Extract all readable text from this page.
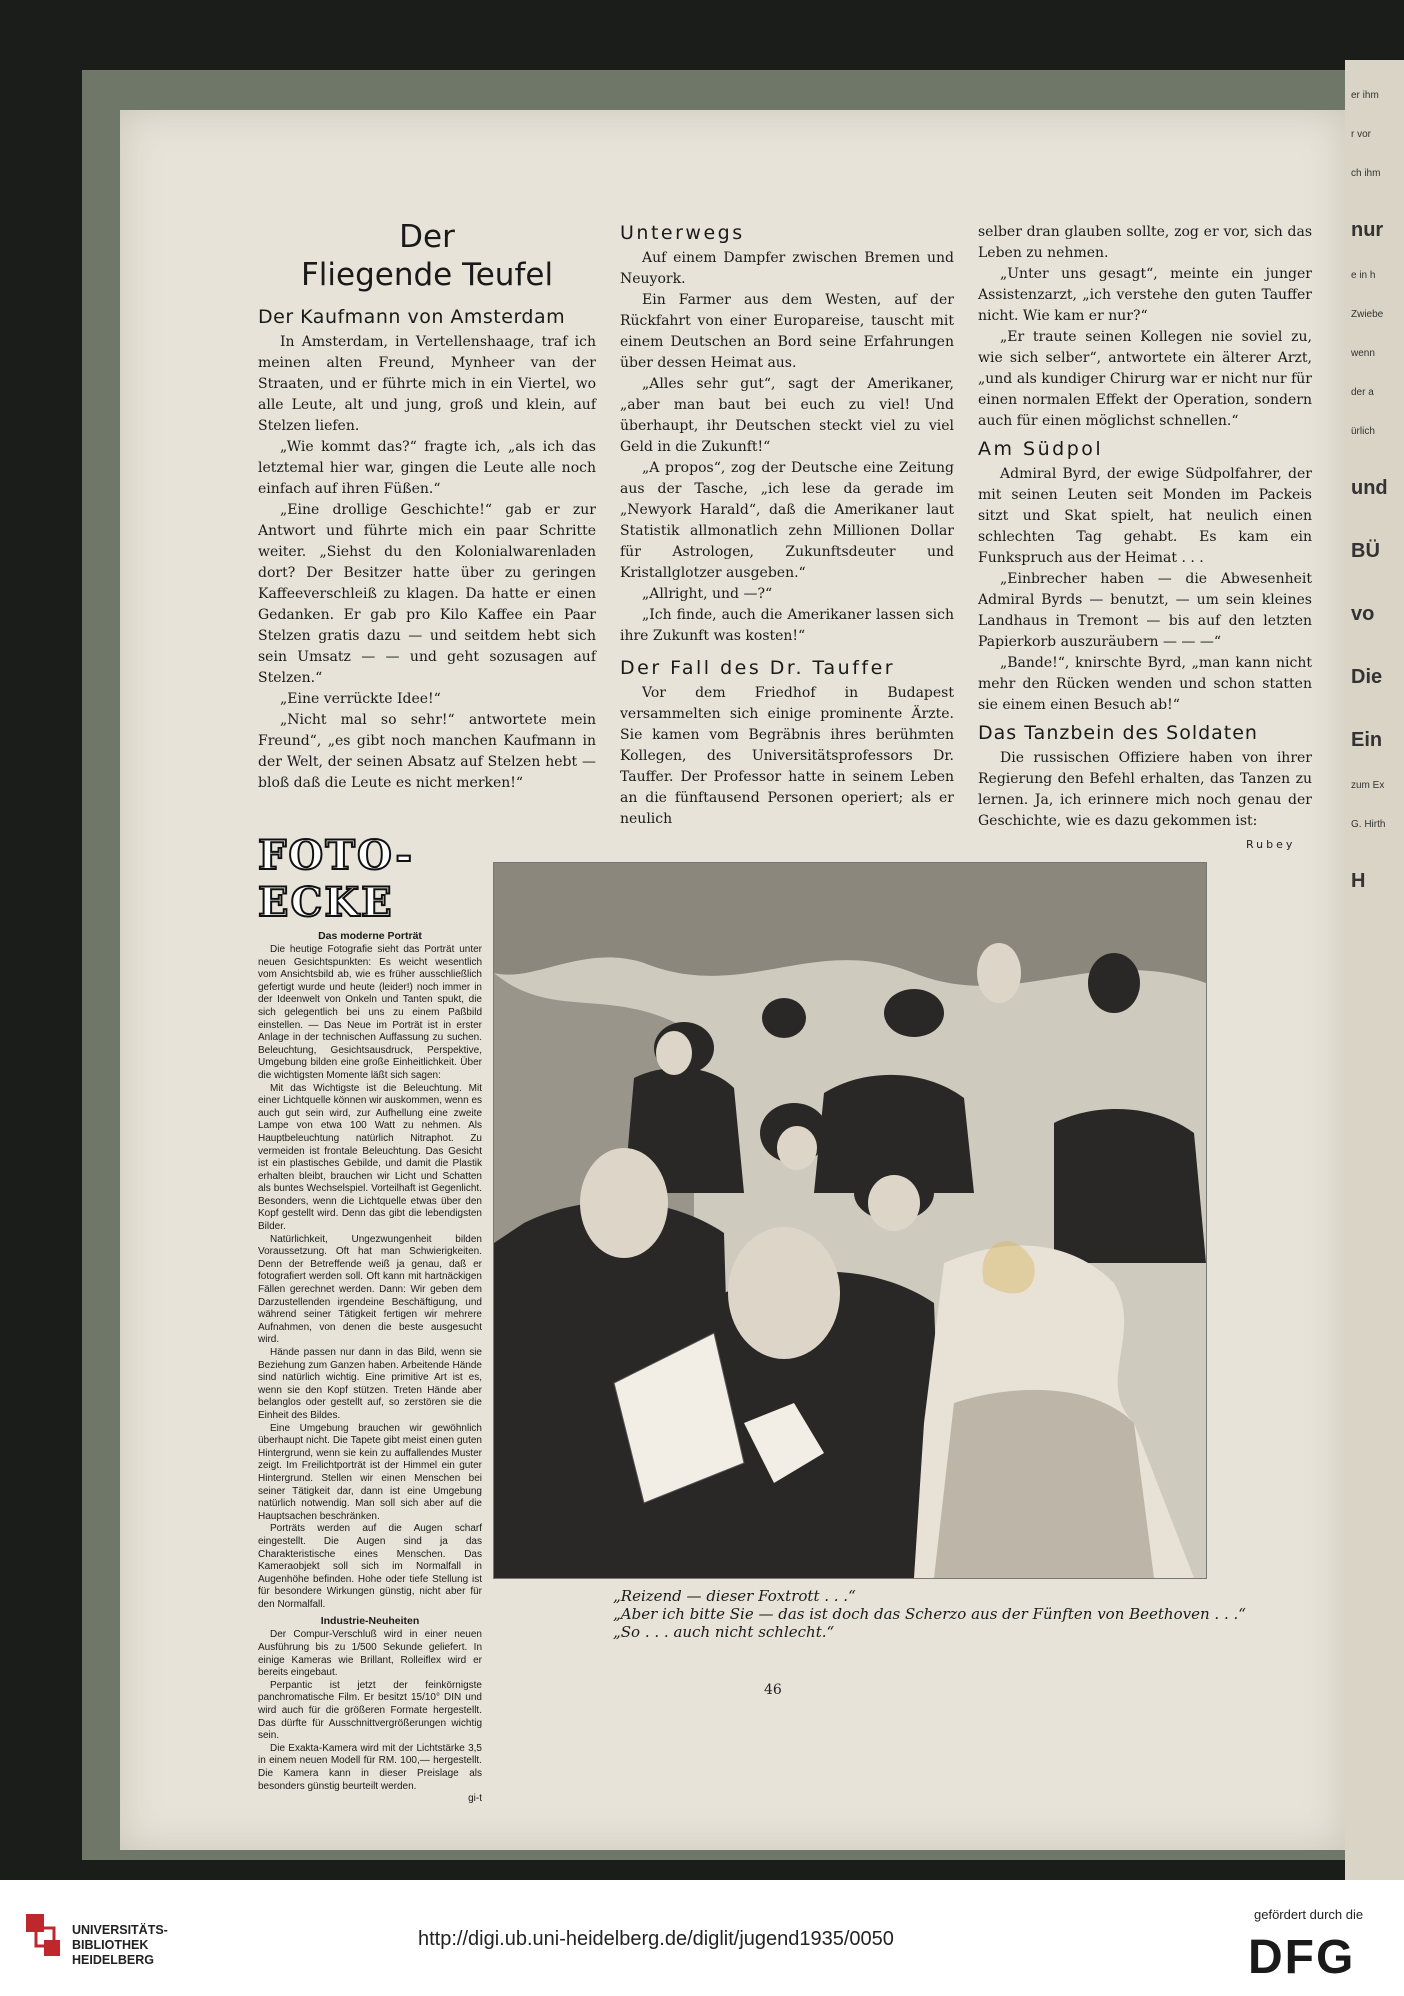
Der
Fliegende Teufel
Der Kaufmann von Amsterdam

In Amsterdam, in Vertellenshaage, traf ich meinen alten Freund, Mynheer van der Straaten, und er führte mich in ein Viertel, wo alle Leute, alt und jung, groß und klein, auf Stelzen liefen.

„Wie kommt das?“ fragte ich, „als ich das letztemal hier war, gingen die Leute alle noch einfach auf ihren Füßen.“

„Eine drollige Geschichte!“ gab er zur Antwort und führte mich ein paar Schritte weiter. „Siehst du den Kolonialwarenladen dort? Der Besitzer hatte über zu geringen Kaffeeverschleiß zu klagen. Da hatte er einen Gedanken. Er gab pro Kilo Kaffee ein Paar Stelzen gratis dazu — und seitdem hebt sich sein Umsatz — — und geht sozusagen auf Stelzen.“

„Eine verrückte Idee!“

„Nicht mal so sehr!“ antwortete mein Freund“, „es gibt noch manchen Kaufmann in der Welt, der seinen Absatz auf Stelzen hebt — bloß daß die Leute es nicht merken!“

Unterwegs

Auf einem Dampfer zwischen Bremen und Neuyork.

Ein Farmer aus dem Westen, auf der Rückfahrt von einer Europareise, tauscht mit einem Deutschen an Bord seine Erfahrungen über dessen Heimat aus.

„Alles sehr gut“, sagt der Amerikaner, „aber man baut bei euch zu viel! Und überhaupt, ihr Deutschen steckt viel zu viel Geld in die Zukunft!“

„A propos“, zog der Deutsche eine Zeitung aus der Tasche, „ich lese da gerade im „Newyork Harald“, daß die Amerikaner laut Statistik allmonatlich zehn Millionen Dollar für Astrologen, Zukunftsdeuter und Kristallglotzer ausgeben.“

„Allright, und —?“

„Ich finde, auch die Amerikaner lassen sich ihre Zukunft was kosten!“

Der Fall des Dr. Tauffer

Vor dem Friedhof in Budapest versammelten sich einige prominente Ärzte. Sie kamen vom Begräbnis ihres berühmten Kollegen, des Universitätsprofessors Dr. Tauffer. Der Professor hatte in seinem Leben an die fünftausend Personen operiert; als er neulich

selber dran glauben sollte, zog er vor, sich das Leben zu nehmen.

„Unter uns gesagt“, meinte ein junger Assistenzarzt, „ich verstehe den guten Tauffer nicht. Wie kam er nur?“

„Er traute seinen Kollegen nie soviel zu, wie sich selber“, antwortete ein älterer Arzt, „und als kundiger Chirurg war er nicht nur für einen normalen Effekt der Operation, sondern auch für einen möglichst schnellen.“

Am Südpol

Admiral Byrd, der ewige Südpolfahrer, der mit seinen Leuten seit Monden im Packeis sitzt und Skat spielt, hat neulich einen schlechten Tag gehabt. Es kam ein Funkspruch aus der Heimat . . .

„Einbrecher haben — die Abwesenheit Admiral Byrds — benutzt, — um sein kleines Landhaus in Tremont — bis auf den letzten Papierkorb auszuräubern — — —“

„Bande!“, knirschte Byrd, „man kann nicht mehr den Rücken wenden und schon statten sie einem einen Besuch ab!“

Das Tanzbein des Soldaten

Die russischen Offiziere haben von ihrer Regierung den Befehl erhalten, das Tanzen zu lernen. Ja, ich erinnere mich noch genau der Geschichte, wie es dazu gekommen ist:

FOTO-ECKE
Das moderne Porträt

Die heutige Fotografie sieht das Porträt unter neuen Gesichtspunkten: Es weicht wesentlich vom Ansichtsbild ab, wie es früher ausschließlich gefertigt wurde und heute (leider!) noch immer in der Ideenwelt von Onkeln und Tanten spukt, die sich gelegentlich bei uns zu einem Paßbild einstellen. — Das Neue im Porträt ist in erster Anlage in der technischen Auffassung zu suchen. Beleuchtung, Gesichtsausdruck, Perspektive, Umgebung bilden eine große Einheitlichkeit. Über die wichtigsten Momente läßt sich sagen:

Mit das Wichtigste ist die Beleuchtung. Mit einer Lichtquelle können wir auskommen, wenn es auch gut sein wird, zur Aufhellung eine zweite Lampe von etwa 100 Watt zu nehmen. Als Hauptbeleuchtung natürlich Nitraphot. Zu vermeiden ist frontale Beleuchtung. Das Gesicht ist ein plastisches Gebilde, und damit die Plastik erhalten bleibt, brauchen wir Licht und Schatten als buntes Wechselspiel. Vorteilhaft ist Gegenlicht. Besonders, wenn die Lichtquelle etwas über den Kopf gestellt wird. Denn das gibt die lebendigsten Bilder.

Natürlichkeit, Ungezwungenheit bilden Voraussetzung. Oft hat man Schwierigkeiten. Denn der Betreffende weiß ja genau, daß er fotografiert werden soll. Oft kann mit hartnäckigen Fällen gerechnet werden. Dann: Wir geben dem Darzustellenden irgendeine Beschäftigung, und während seiner Tätigkeit fertigen wir mehrere Aufnahmen, von denen die beste ausgesucht wird.

Hände passen nur dann in das Bild, wenn sie Beziehung zum Ganzen haben. Arbeitende Hände sind natürlich wichtig. Eine primitive Art ist es, wenn sie den Kopf stützen. Treten Hände aber belanglos oder gestellt auf, so zerstören sie die Einheit des Bildes.

Eine Umgebung brauchen wir gewöhnlich überhaupt nicht. Die Tapete gibt meist einen guten Hintergrund, wenn sie kein zu auffallendes Muster zeigt. Im Freilichtporträt ist der Himmel ein guter Hintergrund. Stellen wir einen Menschen bei seiner Tätigkeit dar, dann ist eine Umgebung natürlich notwendig. Man soll sich aber auf die Hauptsachen beschränken.

Porträts werden auf die Augen scharf eingestellt. Die Augen sind ja das Charakteristische eines Menschen. Das Kameraobjekt soll sich im Normalfall in Augenhöhe befinden. Hohe oder tiefe Stellung ist für besondere Wirkungen günstig, nicht aber für den Normalfall.

Industrie-Neuheiten

Der Compur-Verschluß wird in einer neuen Ausführung bis zu 1/500 Sekunde geliefert. In einige Kameras wie Brillant, Rolleiflex wird er bereits eingebaut.

Perpantic ist jetzt der feinkörnigste panchromatische Film. Er besitzt 15/10° DIN und wird auch für die größeren Formate hergestellt. Das dürfte für Ausschnittvergrößerungen wichtig sein.

Die Exakta-Kamera wird mit der Lichtstärke 3,5 in einem neuen Modell für RM. 100,— hergestellt. Die Kamera kann in dieser Preislage als besonders günstig beurteilt werden.

gi-t
Rubey
„Reizend — dieser Foxtrott . . .“
„Aber ich bitte Sie — das ist doch das Scherzo aus der Fünften von Beethoven . . .“
„So . . . auch nicht schlecht.“
46
er ihm
r vor
ch ihm
nur
e in h
Zwiebe
wenn
der a
ürlich
und
BÜ
vo
Die
Ein
zum Ex
G. Hirth
H
UNIVERSITÄTS-
BIBLIOTHEK
HEIDELBERG
http://digi.ub.uni-heidelberg.de/diglit/jugend1935/0050
gefördert durch die
DFG
